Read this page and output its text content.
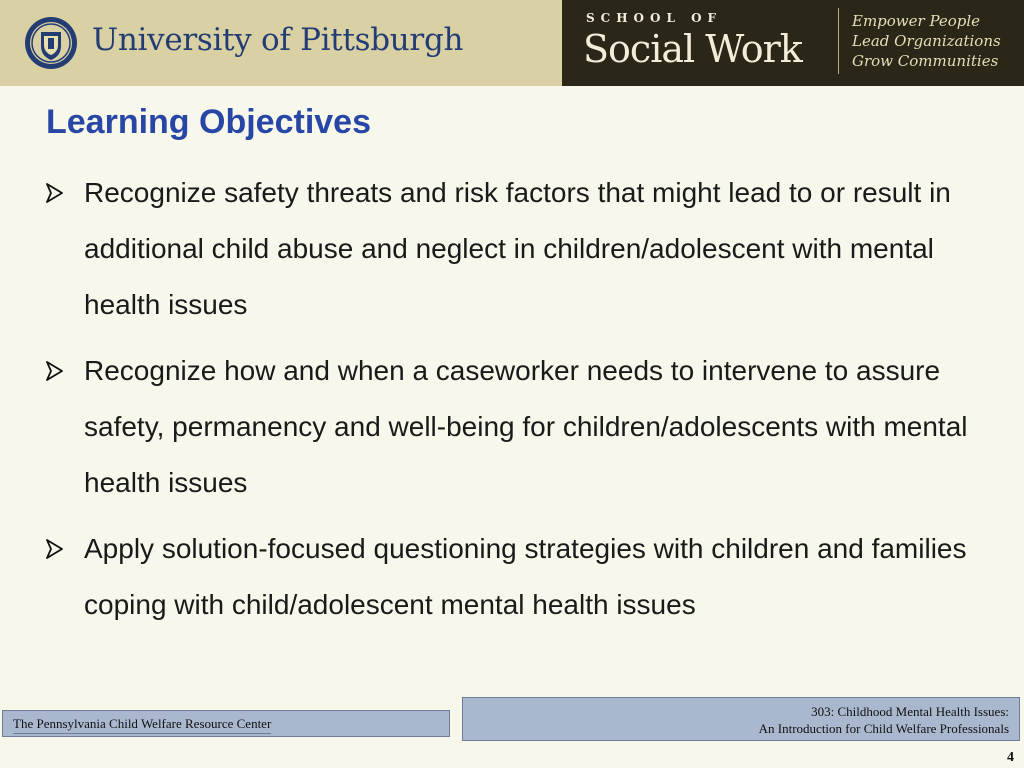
University of Pittsburgh
SCHOOL OF
Social Work
Empower People
Lead Organizations
Grow Communities
Learning Objectives
Recognize safety threats and risk factors that might lead to or result in additional child abuse and neglect in children/adolescent with mental health issues
Recognize how and when a caseworker needs to intervene to assure safety, permanency and well-being for children/adolescents with mental health issues
Apply solution-focused questioning strategies with children and families coping with child/adolescent mental health issues
The Pennsylvania Child Welfare Resource Center
303: Childhood Mental Health Issues:
An Introduction for Child Welfare Professionals
4
